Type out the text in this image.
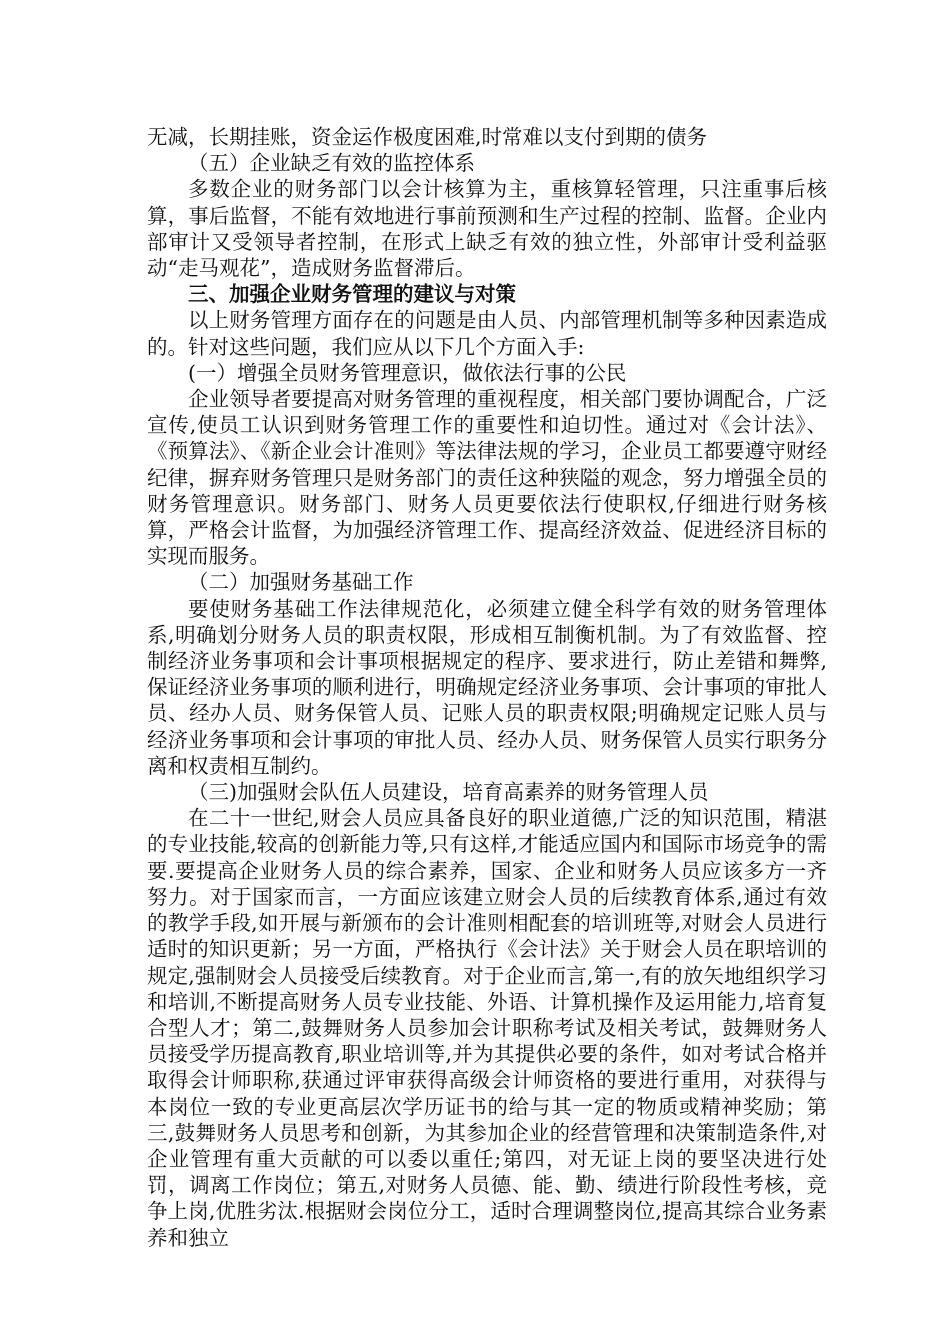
无减，长期挂账，资金运作极度困难,时常难以支付到期的债务

（五）企业缺乏有效的监控体系

多数企业的财务部门以会计核算为主，重核算轻管理，只注重事后核算，事后监督，不能有效地进行事前预测和生产过程的控制、监督。企业内部审计又受领导者控制，在形式上缺乏有效的独立性，外部审计受利益驱动“走马观花”，造成财务监督滞后。

三、加强企业财务管理的建议与对策

以上财务管理方面存在的问题是由人员、内部管理机制等多种因素造成的。针对这些问题，我们应从以下几个方面入手:

(一）增强全员财务管理意识，做依法行事的公民

企业领导者要提高对财务管理的重视程度，相关部门要协调配合，广泛宣传,使员工认识到财务管理工作的重要性和迫切性。通过对《会计法》、《预算法》、《新企业会计准则》等法律法规的学习，企业员工都要遵守财经纪律，摒弃财务管理只是财务部门的责任这种狭隘的观念，努力增强全员的财务管理意识。财务部门、财务人员更要依法行使职权,仔细进行财务核算，严格会计监督，为加强经济管理工作、提高经济效益、促进经济目标的实现而服务。

（二）加强财务基础工作

要使财务基础工作法律规范化，必须建立健全科学有效的财务管理体系,明确划分财务人员的职责权限，形成相互制衡机制。为了有效监督、控制经济业务事项和会计事项根据规定的程序、要求进行，防止差错和舞弊,保证经济业务事项的顺利进行，明确规定经济业务事项、会计事项的审批人员、经办人员、财务保管人员、记账人员的职责权限;明确规定记账人员与经济业务事项和会计事项的审批人员、经办人员、财务保管人员实行职务分离和权责相互制约。

（三)加强财会队伍人员建设，培育高素养的财务管理人员

在二十一世纪,财会人员应具备良好的职业道德,广泛的知识范围，精湛的专业技能,较高的创新能力等,只有这样,才能适应国内和国际市场竞争的需要.要提高企业财务人员的综合素养，国家、企业和财务人员应该多方一齐努力。对于国家而言，一方面应该建立财会人员的后续教育体系,通过有效的教学手段,如开展与新颁布的会计准则相配套的培训班等,对财会人员进行适时的知识更新；另一方面，严格执行《会计法》关于财会人员在职培训的规定,强制财会人员接受后续教育。对于企业而言,第一,有的放矢地组织学习和培训,不断提高财务人员专业技能、外语、计算机操作及运用能力,培育复合型人才；第二,鼓舞财务人员参加会计职称考试及相关考试，鼓舞财务人员接受学历提高教育,职业培训等,并为其提供必要的条件，如对考试合格并取得会计师职称,获通过评审获得高级会计师资格的要进行重用，对获得与本岗位一致的专业更高层次学历证书的给与其一定的物质或精神奖励；第三,鼓舞财务人员思考和创新，为其参加企业的经营管理和决策制造条件,对企业管理有重大贡献的可以委以重任;第四，对无证上岗的要坚决进行处罚，调离工作岗位；第五,对财务人员德、能、勤、绩进行阶段性考核，竞争上岗,优胜劣汰.根据财会岗位分工，适时合理调整岗位,提高其综合业务素养和独立
